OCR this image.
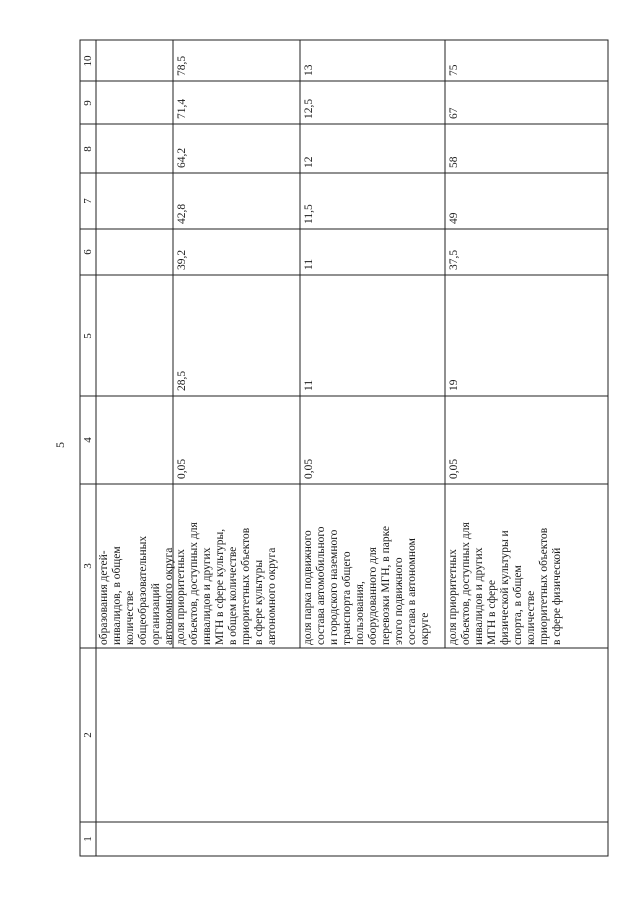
5
1
2
3
4
5
6
7
8
9
10
образования детей- инвалидов, в общем количестве общеобразовательных организаций автономного округа доля приоритетных объектов, доступных для инвалидов и других МГН в сфере культуры, в общем количестве приоритетных объектов в сфере культуры автономного округа
0,05
28,5
39,2
42,8
64,2
71,4
78,5
доля парка подвижного состава автомобильного и городского наземного транспорта общего пользования, оборудованного для перевозки МГН, в парке этого подвижного состава в автономном округе
0,05
11
11
11,5
12
12,5
13
доля приоритетных объектов, доступных для инвалидов и других МГН в сфере физической культуры и спорта, в общем количестве приоритетных объектов в сфере физической
0,05
19
37,5
49
58
67
75
